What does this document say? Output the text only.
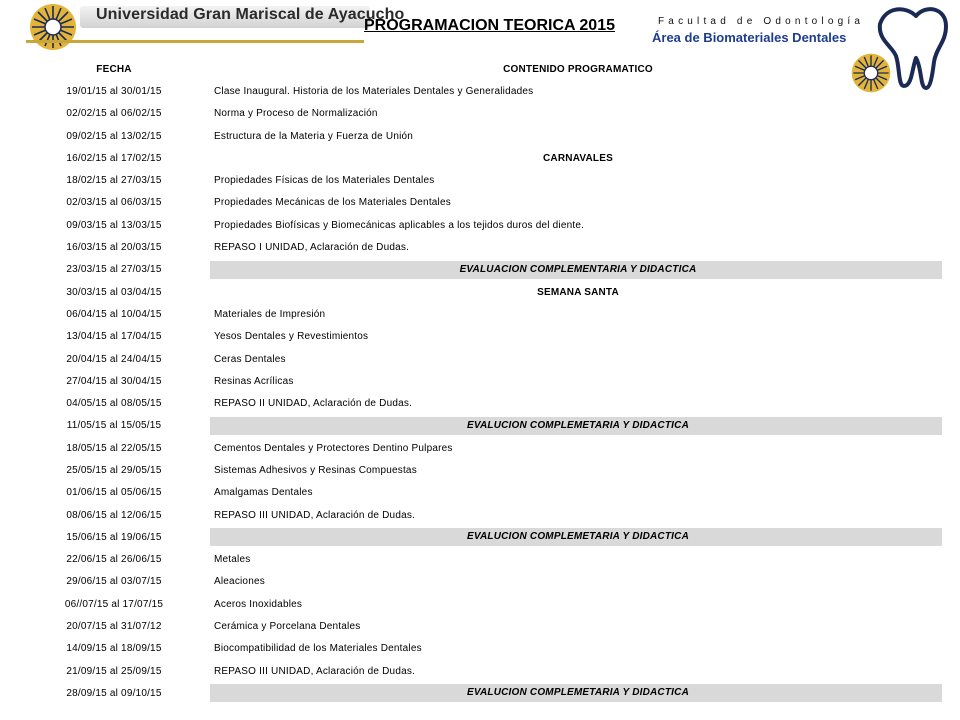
Universidad Gran Mariscal de Ayacucho
PROGRAMACION TEORICA 2015	Facultad de Odontología
Área de Biomateriales Dentales
FECHA	CONTENIDO PROGRAMATICO
19/01/15 al 30/01/15	Clase Inaugural. Historia de los Materiales Dentales y Generalidades
02/02/15 al 06/02/15	Norma y Proceso de Normalización
09/02/15 al 13/02/15	Estructura de la Materia y Fuerza de Unión
16/02/15 al 17/02/15	CARNAVALES
18/02/15 al 27/03/15	Propiedades Físicas de los Materiales Dentales
02/03/15 al 06/03/15	Propiedades Mecánicas de los Materiales Dentales
09/03/15 al 13/03/15	Propiedades Biofísicas y Biomecánicas aplicables a los tejidos duros del diente.
16/03/15 al 20/03/15	REPASO I UNIDAD, Aclaración de Dudas.
23/03/15 al 27/03/15	EVALUACION COMPLEMENTARIA Y DIDACTICA
30/03/15 al 03/04/15	SEMANA SANTA
06/04/15 al 10/04/15	Materiales de Impresión
13/04/15 al 17/04/15	Yesos Dentales y Revestimientos
20/04/15 al 24/04/15	Ceras Dentales
27/04/15 al 30/04/15	Resinas Acrílicas
04/05/15 al 08/05/15	REPASO II UNIDAD, Aclaración de Dudas.
11/05/15 al 15/05/15	EVALUCION COMPLEMETARIA Y DIDACTICA
18/05/15 al 22/05/15	Cementos Dentales y Protectores Dentino Pulpares
25/05/15 al 29/05/15	Sistemas Adhesivos y Resinas Compuestas
01/06/15 al 05/06/15	Amalgamas Dentales
08/06/15 al 12/06/15	REPASO III UNIDAD, Aclaración de Dudas.
15/06/15 al 19/06/15	EVALUCION COMPLEMETARIA Y DIDACTICA
22/06/15 al 26/06/15	Metales
29/06/15 al 03/07/15	Aleaciones
06//07/15 al 17/07/15	Aceros Inoxidables
20/07/15 al 31/07/12	Cerámica y Porcelana Dentales
14/09/15 al 18/09/15	Biocompatibilidad de los Materiales Dentales
21/09/15 al 25/09/15	REPASO III UNIDAD, Aclaración de Dudas.
28/09/15 al 09/10/15	EVALUCION COMPLEMETARIA Y DIDACTICA
